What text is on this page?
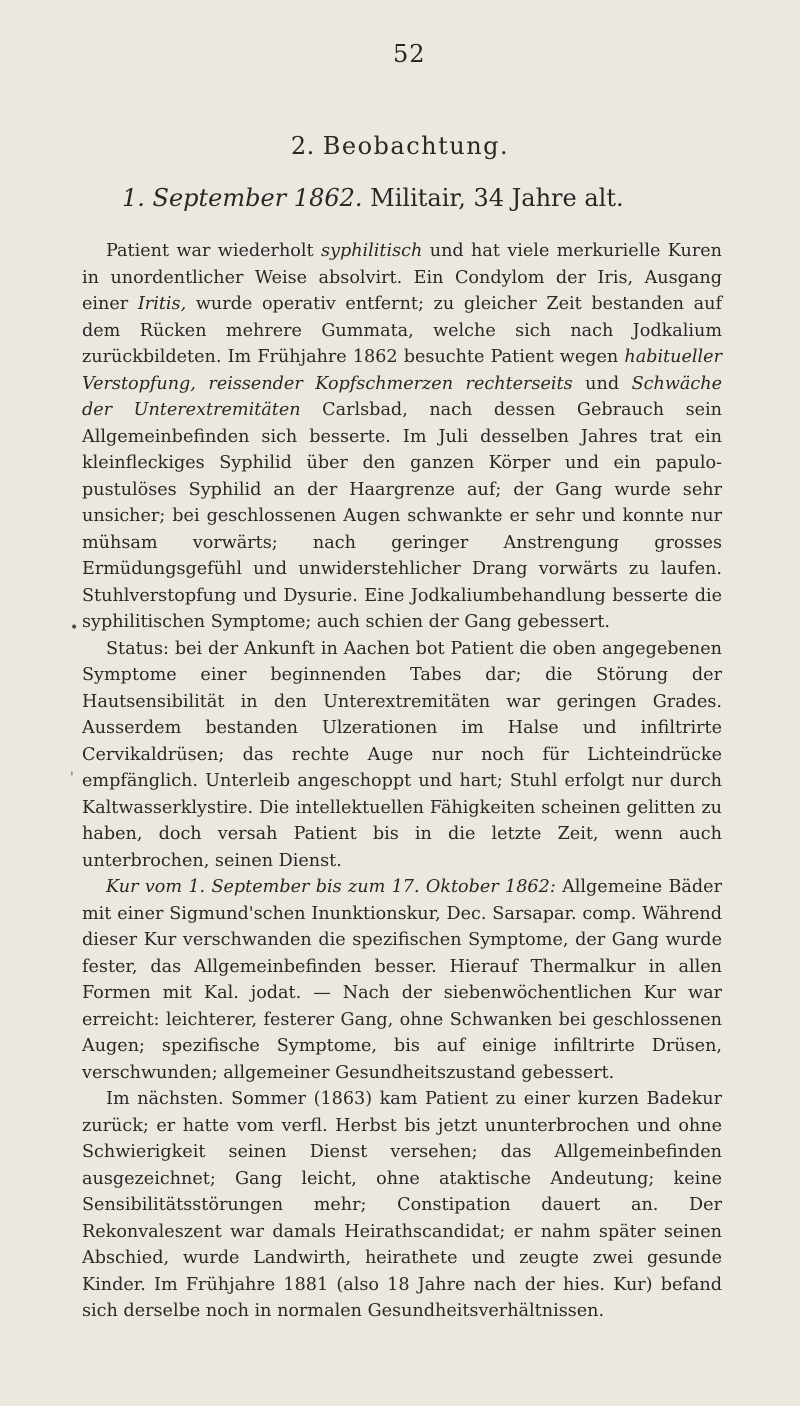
52
2. Beobachtung.
1. September 1862. Militair, 34 Jahre alt.
•
'

Patient war wiederholt syphilitisch und hat viele merkurielle Kuren in unordentlicher Weise absolvirt. Ein Condylom der Iris, Ausgang einer Iritis, wurde operativ entfernt; zu gleicher Zeit bestanden auf dem Rücken mehrere Gummata, welche sich nach Jodkalium zurückbildeten. Im Frühjahre 1862 besuchte Patient wegen habitueller Verstopfung, reissender Kopfschmerzen rechterseits und Schwäche der Unterextremitäten Carlsbad, nach dessen Gebrauch sein Allgemeinbefinden sich besserte. Im Juli desselben Jahres trat ein kleinfleckiges Syphilid über den ganzen Körper und ein papulo-pustulöses Syphilid an der Haargrenze auf; der Gang wurde sehr unsicher; bei geschlossenen Augen schwankte er sehr und konnte nur mühsam vorwärts; nach geringer Anstrengung grosses Ermüdungsgefühl und unwiderstehlicher Drang vorwärts zu laufen. Stuhlverstopfung und Dysurie. Eine Jodkaliumbehandlung besserte die syphilitischen Symptome; auch schien der Gang gebessert.

Status: bei der Ankunft in Aachen bot Patient die oben angegebenen Symptome einer beginnenden Tabes dar; die Störung der Hautsensibilität in den Unterextremitäten war geringen Grades. Ausserdem bestanden Ulzerationen im Halse und infiltrirte Cervikaldrüsen; das rechte Auge nur noch für Lichteindrücke empfänglich. Unterleib angeschoppt und hart; Stuhl erfolgt nur durch Kaltwasserklystire. Die intellektuellen Fähigkeiten scheinen gelitten zu haben, doch versah Patient bis in die letzte Zeit, wenn auch unterbrochen, seinen Dienst.

Kur vom 1. September bis zum 17. Oktober 1862: Allgemeine Bäder mit einer Sigmund'schen Inunktionskur, Dec. Sarsapar. comp. Während dieser Kur verschwanden die spezifischen Symptome, der Gang wurde fester, das Allgemeinbefinden besser. Hierauf Thermalkur in allen Formen mit Kal. jodat. — Nach der siebenwöchentlichen Kur war erreicht: leichterer, festerer Gang, ohne Schwanken bei geschlossenen Augen; spezifische Symptome, bis auf einige infiltrirte Drüsen, verschwunden; allgemeiner Gesundheitszustand gebessert.

Im nächsten. Sommer (1863) kam Patient zu einer kurzen Badekur zurück; er hatte vom verfl. Herbst bis jetzt ununterbrochen und ohne Schwierigkeit seinen Dienst versehen; das Allgemeinbefinden ausgezeichnet; Gang leicht, ohne ataktische Andeutung; keine Sensibilitätsstörungen mehr; Constipation dauert an. Der Rekonvaleszent war damals Heirathscandidat; er nahm später seinen Abschied, wurde Landwirth, heirathete und zeugte zwei gesunde Kinder. Im Frühjahre 1881 (also 18 Jahre nach der hies. Kur) befand sich derselbe noch in normalen Gesundheitsverhältnissen.
